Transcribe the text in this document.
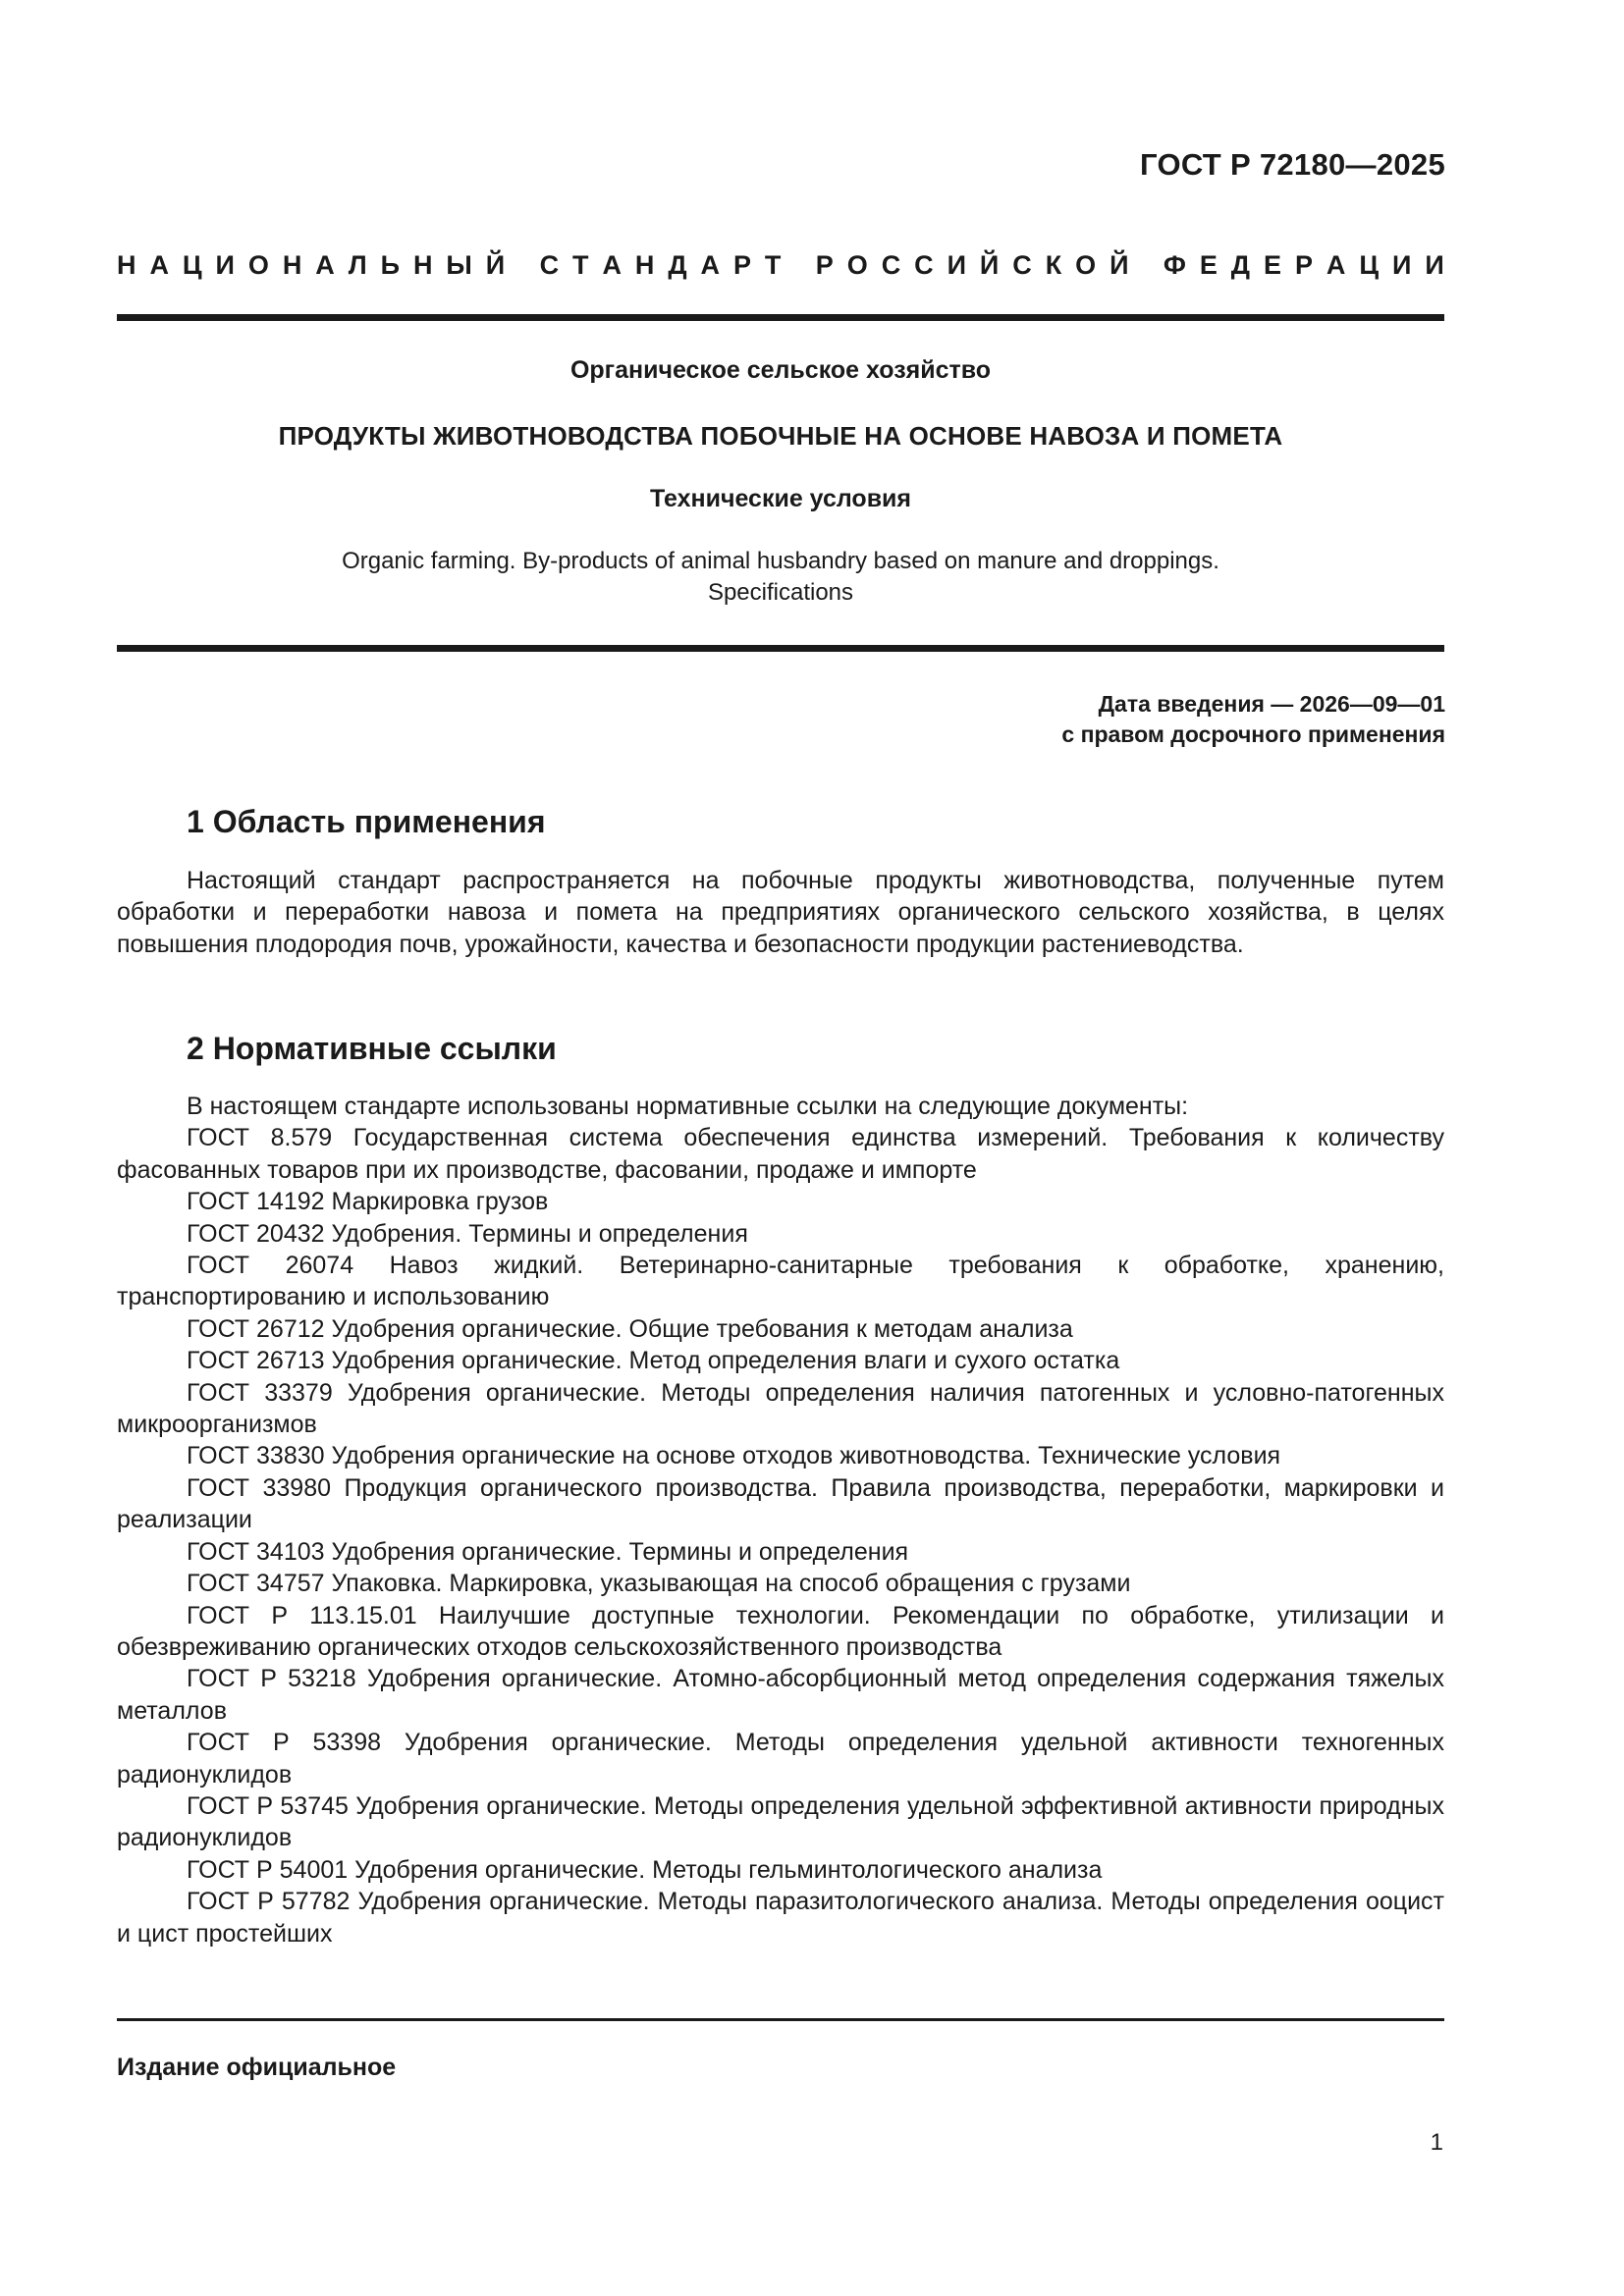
ГОСТ Р 72180—2025
Н А Ц И О Н А Л Ь Н Ы Й
С Т А Н Д А Р Т
Р О С С И Й С К О Й
Ф Е Д Е Р А Ц И И
Органическое сельское хозяйство
ПРОДУКТЫ ЖИВОТНОВОДСТВА ПОБОЧНЫЕ НА ОСНОВЕ НАВОЗА И ПОМЕТА
Технические условия
Organic farming. By-products of animal husbandry based on manure and droppings.
Specifications
Дата введения — 2026—09—01
с правом досрочного применения
1 Область применения

Настоящий стандарт распространяется на побочные продукты животноводства, полученные путем обработки и переработки навоза и помета на предприятиях органического сельского хозяйства, в целях повышения плодородия почв, урожайности, качества и безопасности продукции растениеводства.

2 Нормативные ссылки

В настоящем стандарте использованы нормативные ссылки на следующие документы:

ГОСТ 8.579 Государственная система обеспечения единства измерений. Требования к количеству фасованных товаров при их производстве, фасовании, продаже и импорте

ГОСТ 14192 Маркировка грузов

ГОСТ 20432 Удобрения. Термины и определения

ГОСТ 26074 Навоз жидкий. Ветеринарно-санитарные требования к обработке, хранению, транспортированию и использованию

ГОСТ 26712 Удобрения органические. Общие требования к методам анализа

ГОСТ 26713 Удобрения органические. Метод определения влаги и сухого остатка

ГОСТ 33379 Удобрения органические. Методы определения наличия патогенных и условно-патогенных микроорганизмов

ГОСТ 33830 Удобрения органические на основе отходов животноводства. Технические условия

ГОСТ 33980 Продукция органического производства. Правила производства, переработки, маркировки и реализации

ГОСТ 34103 Удобрения органические. Термины и определения

ГОСТ 34757 Упаковка. Маркировка, указывающая на способ обращения с грузами

ГОСТ Р 113.15.01 Наилучшие доступные технологии. Рекомендации по обработке, утилизации и обезвреживанию органических отходов сельскохозяйственного производства

ГОСТ Р 53218 Удобрения органические. Атомно-абсорбционный метод определения содержания тяжелых металлов

ГОСТ Р 53398 Удобрения органические. Методы определения удельной активности техногенных радионуклидов

ГОСТ Р 53745 Удобрения органические. Методы определения удельной эффективной активности природных радионуклидов

ГОСТ Р 54001 Удобрения органические. Методы гельминтологического анализа

ГОСТ Р 57782 Удобрения органические. Методы паразитологического анализа. Методы определения ооцист и цист простейших

Издание официальное
1
